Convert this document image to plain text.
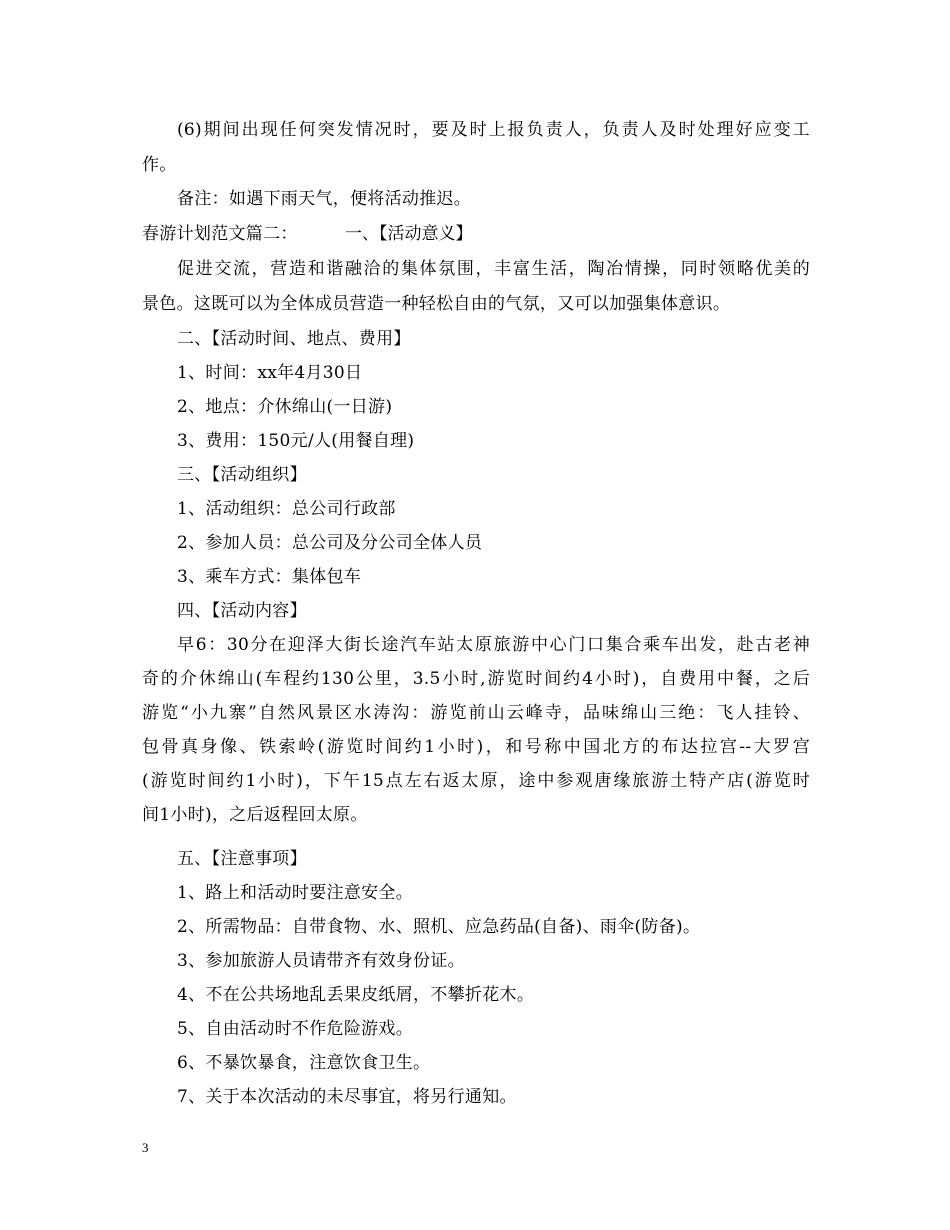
(6)期间出现任何突发情况时，要及时上报负责人，负责人及时处理好应变工
作。
备注：如遇下雨天气，便将活动推迟。
春游计划范文篇二：	一、【活动意义】
促进交流，营造和谐融洽的集体氛围，丰富生活，陶冶情操，同时领略优美的
景色。这既可以为全体成员营造一种轻松自由的气氛，又可以加强集体意识。
二、【活动时间、地点、费用】
1、时间：xx年4月30日
2、地点：介休绵山(一日游)
3、费用：150元/人(用餐自理)
三、【活动组织】
1、活动组织：总公司行政部
2、参加人员：总公司及分公司全体人员
3、乘车方式：集体包车
四、【活动内容】
早6：30分在迎泽大街长途汽车站太原旅游中心门口集合乘车出发，赴古老神
奇的介休绵山(车程约130公里，3.5小时,游览时间约4小时)，自费用中餐，之后
游览“小九寨”自然风景区水涛沟：游览前山云峰寺，品味绵山三绝：飞人挂铃、
包骨真身像、铁索岭(游览时间约1小时)，和号称中国北方的布达拉宫--大罗宫
(游览时间约1小时)，下午15点左右返太原，途中参观唐缘旅游土特产店(游览时
间1小时)，之后返程回太原。
五、【注意事项】
1、路上和活动时要注意安全。
2、所需物品：自带食物、水、照机、应急药品(自备)、雨伞(防备)。
3、参加旅游人员请带齐有效身份证。
4、不在公共场地乱丢果皮纸屑，不攀折花木。
5、自由活动时不作危险游戏。
6、不暴饮暴食，注意饮食卫生。
7、关于本次活动的未尽事宜，将另行通知。
3
